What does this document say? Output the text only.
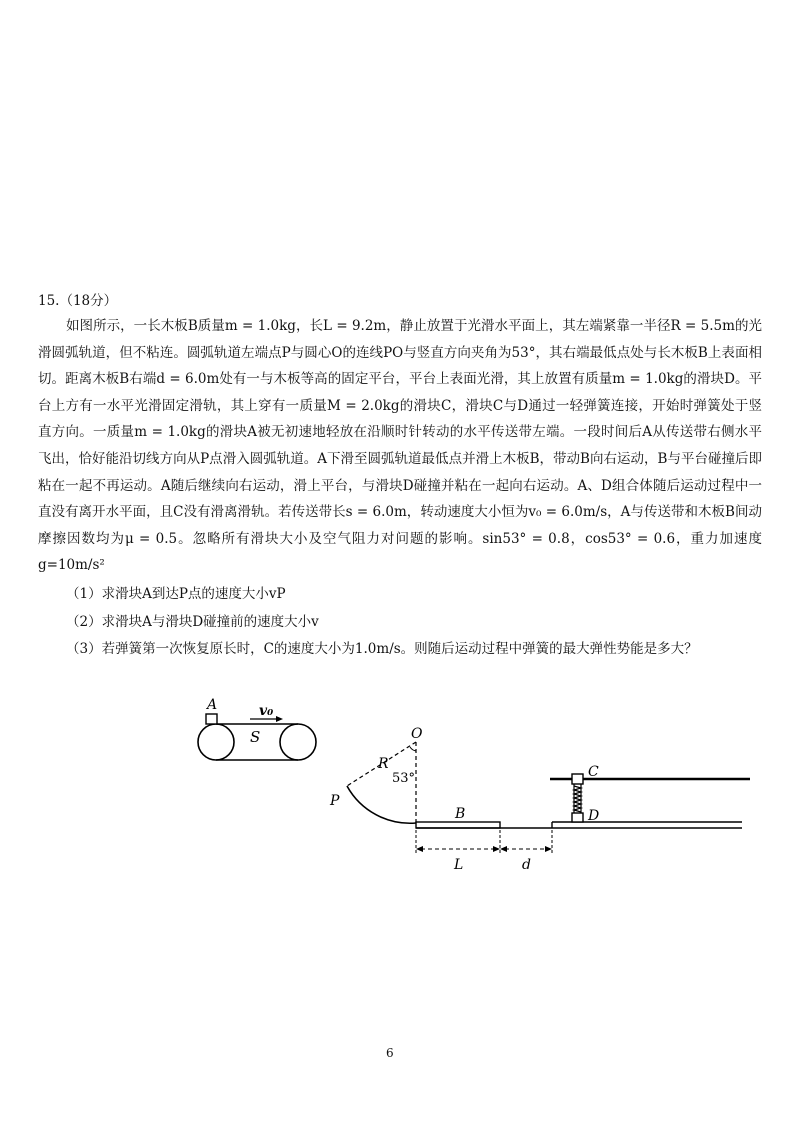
15.（18分）
如图所示，一长木板B质量m = 1.0kg，长L = 9.2m，静止放置于光滑水平面上，其左端紧靠一半径R = 5.5m的光滑圆弧轨道，但不粘连。圆弧轨道左端点P与圆心O的连线PO与竖直方向夹角为53°，其右端最低点处与长木板B上表面相切。距离木板B右端d = 6.0m处有一与木板等高的固定平台，平台上表面光滑，其上放置有质量m = 1.0kg的滑块D。平台上方有一水平光滑固定滑轨，其上穿有一质量M = 2.0kg的滑块C，滑块C与D通过一轻弹簧连接，开始时弹簧处于竖直方向。一质量m = 1.0kg的滑块A被无初速地轻放在沿顺时针转动的水平传送带左端。一段时间后A从传送带右侧水平飞出，恰好能沿切线方向从P点滑入圆弧轨道。A下滑至圆弧轨道最低点并滑上木板B，带动B向右运动，B与平台碰撞后即粘在一起不再运动。A随后继续向右运动，滑上平台，与滑块D碰撞并粘在一起向右运动。A、D组合体随后运动过程中一直没有离开水平面，且C没有滑离滑轨。若传送带长s = 6.0m，转动速度大小恒为v₀ = 6.0m/s，A与传送带和木板B间动摩擦因数均为μ = 0.5。忽略所有滑块大小及空气阻力对问题的影响。sin53° = 0.8，cos53° = 0.6，重力加速度g=10m/s²
（1）求滑块A到达P点的速度大小vP
（2）求滑块A与滑块D碰撞前的速度大小v
（3）若弹簧第一次恢复原长时，C的速度大小为1.0m/s。则随后运动过程中弹簧的最大弹性势能是多大？
A	v₀
S	O
R
53°
P
B
C
D
L	d
6
